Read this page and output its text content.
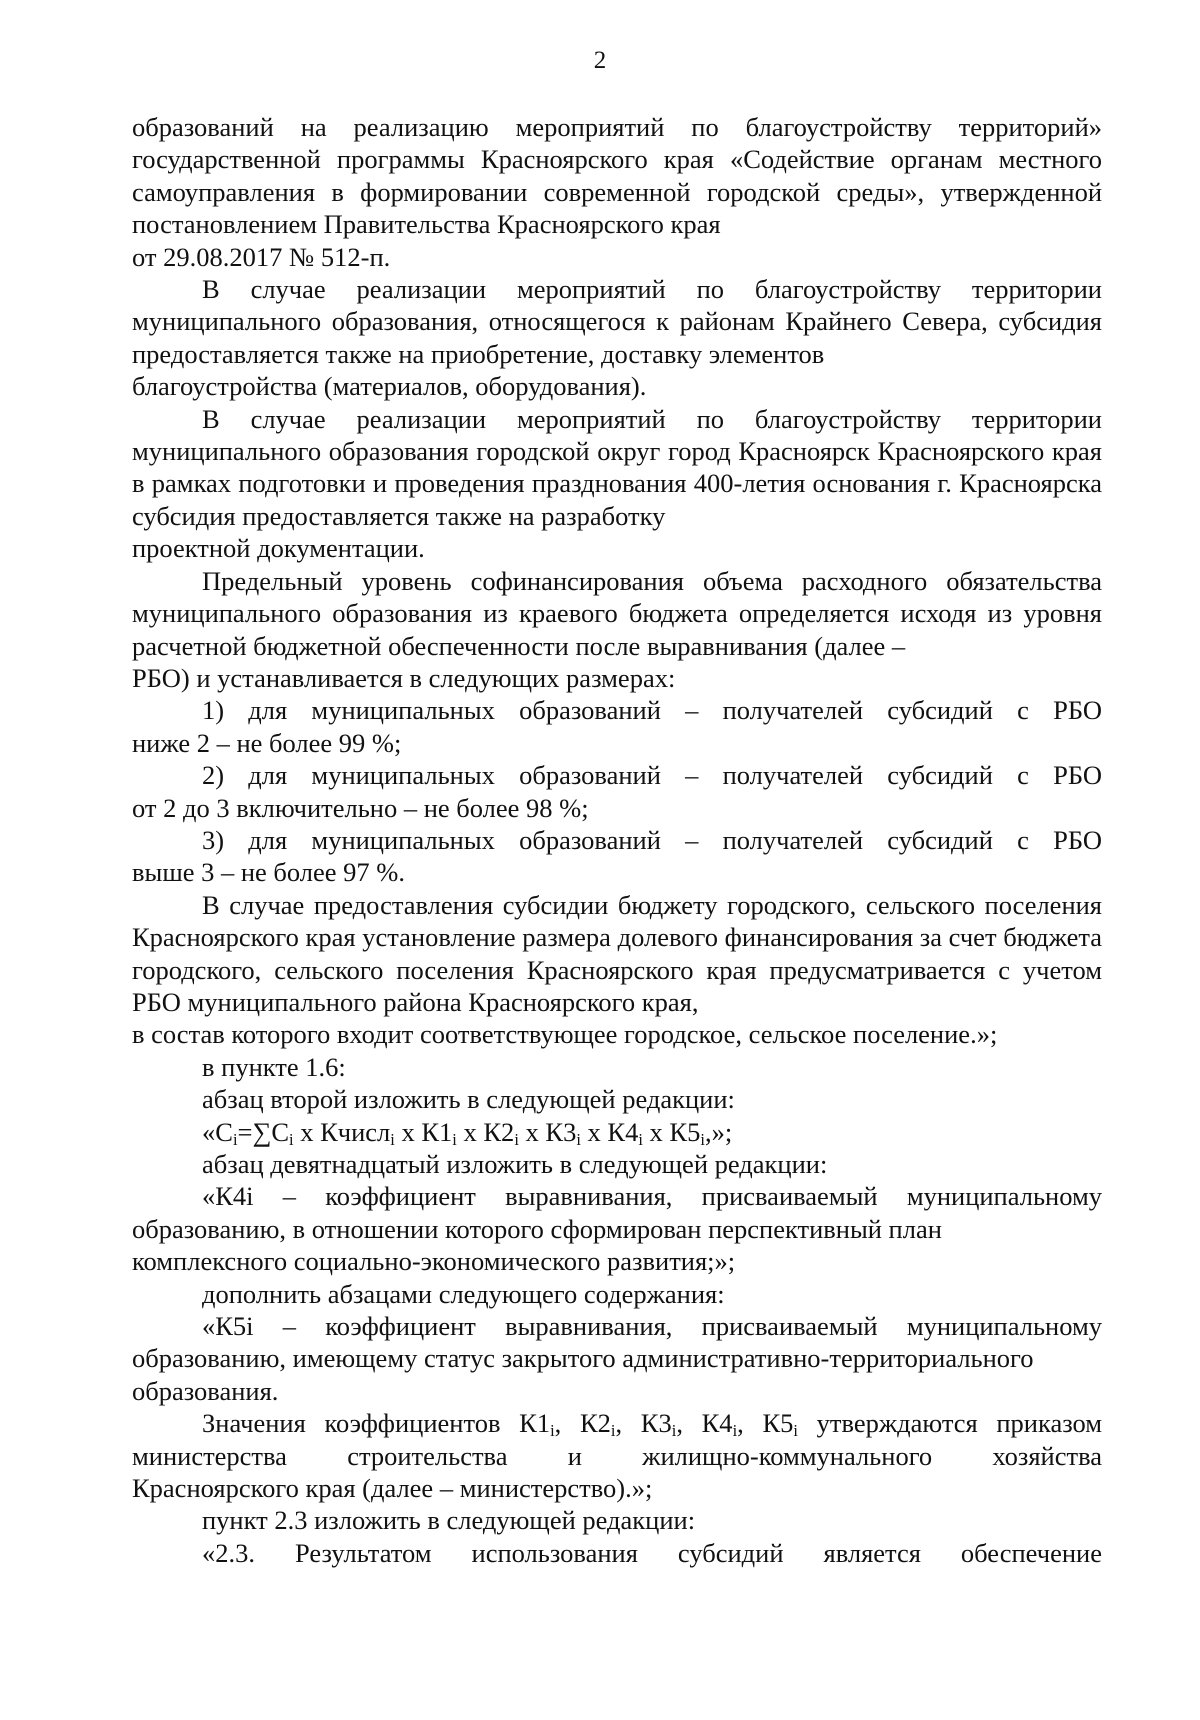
2

образований на реализацию мероприятий по благоустройству территорий» государственной программы Красноярского края «Содействие органам местного самоуправления в формировании современной городской среды», утвержденной постановлением Правительства Красноярского края
от 29.08.2017 № 512-п.

В случае реализации мероприятий по благоустройству территории муниципального образования, относящегося к районам Крайнего Севера, субсидия предоставляется также на приобретение, доставку элементов
благоустройства (материалов, оборудования).

В случае реализации мероприятий по благоустройству территории муниципального образования городской округ город Красноярск Красноярского края в рамках подготовки и проведения празднования 400-летия основания г. Красноярска субсидия предоставляется также на разработку
проектной документации.

Предельный уровень софинансирования объема расходного обязательства муниципального образования из краевого бюджета определяется исходя из уровня расчетной бюджетной обеспеченности после выравнивания (далее –
РБО) и устанавливается в следующих размерах:

1) для муниципальных образований – получателей субсидий с РБО
ниже 2 – не более 99 %;

2) для муниципальных образований – получателей субсидий с РБО
от 2 до 3 включительно – не более 98 %;

3) для муниципальных образований – получателей субсидий с РБО
выше 3 – не более 97 %.

В случае предоставления субсидии бюджету городского, сельского поселения Красноярского края установление размера долевого финансирования за счет бюджета городского, сельского поселения Красноярского края предусматривается с учетом РБО муниципального района Красноярского края,
в состав которого входит соответствующее городское, сельское поселение.»;

в пункте 1.6:

абзац второй изложить в следующей редакции:

«$С_i=\sum С_i$ х Кчисл$_i$ х $К1_i$ х $К2_i$ х $К3_i$ х $К4_i$ х $К5_i$,»;

абзац девятнадцатый изложить в следующей редакции:

«К4i – коэффициент выравнивания, присваиваемый муниципальному образованию, в отношении которого сформирован перспективный план
комплексного социально-экономического развития;»;

дополнить абзацами следующего содержания:

«К5i – коэффициент выравнивания, присваиваемый муниципальному образованию, имеющему статус закрытого административно-территориального
образования.

Значения коэффициентов $К1_i$, $К2_i$, $К3_i$, $К4_i$, $К5_i$ утверждаются приказом
министерства строительства и жилищно-коммунального хозяйства
Красноярского края (далее – министерство).»;

пункт 2.3 изложить в следующей редакции:

«2.3. Результатом использования субсидий является обеспечение
